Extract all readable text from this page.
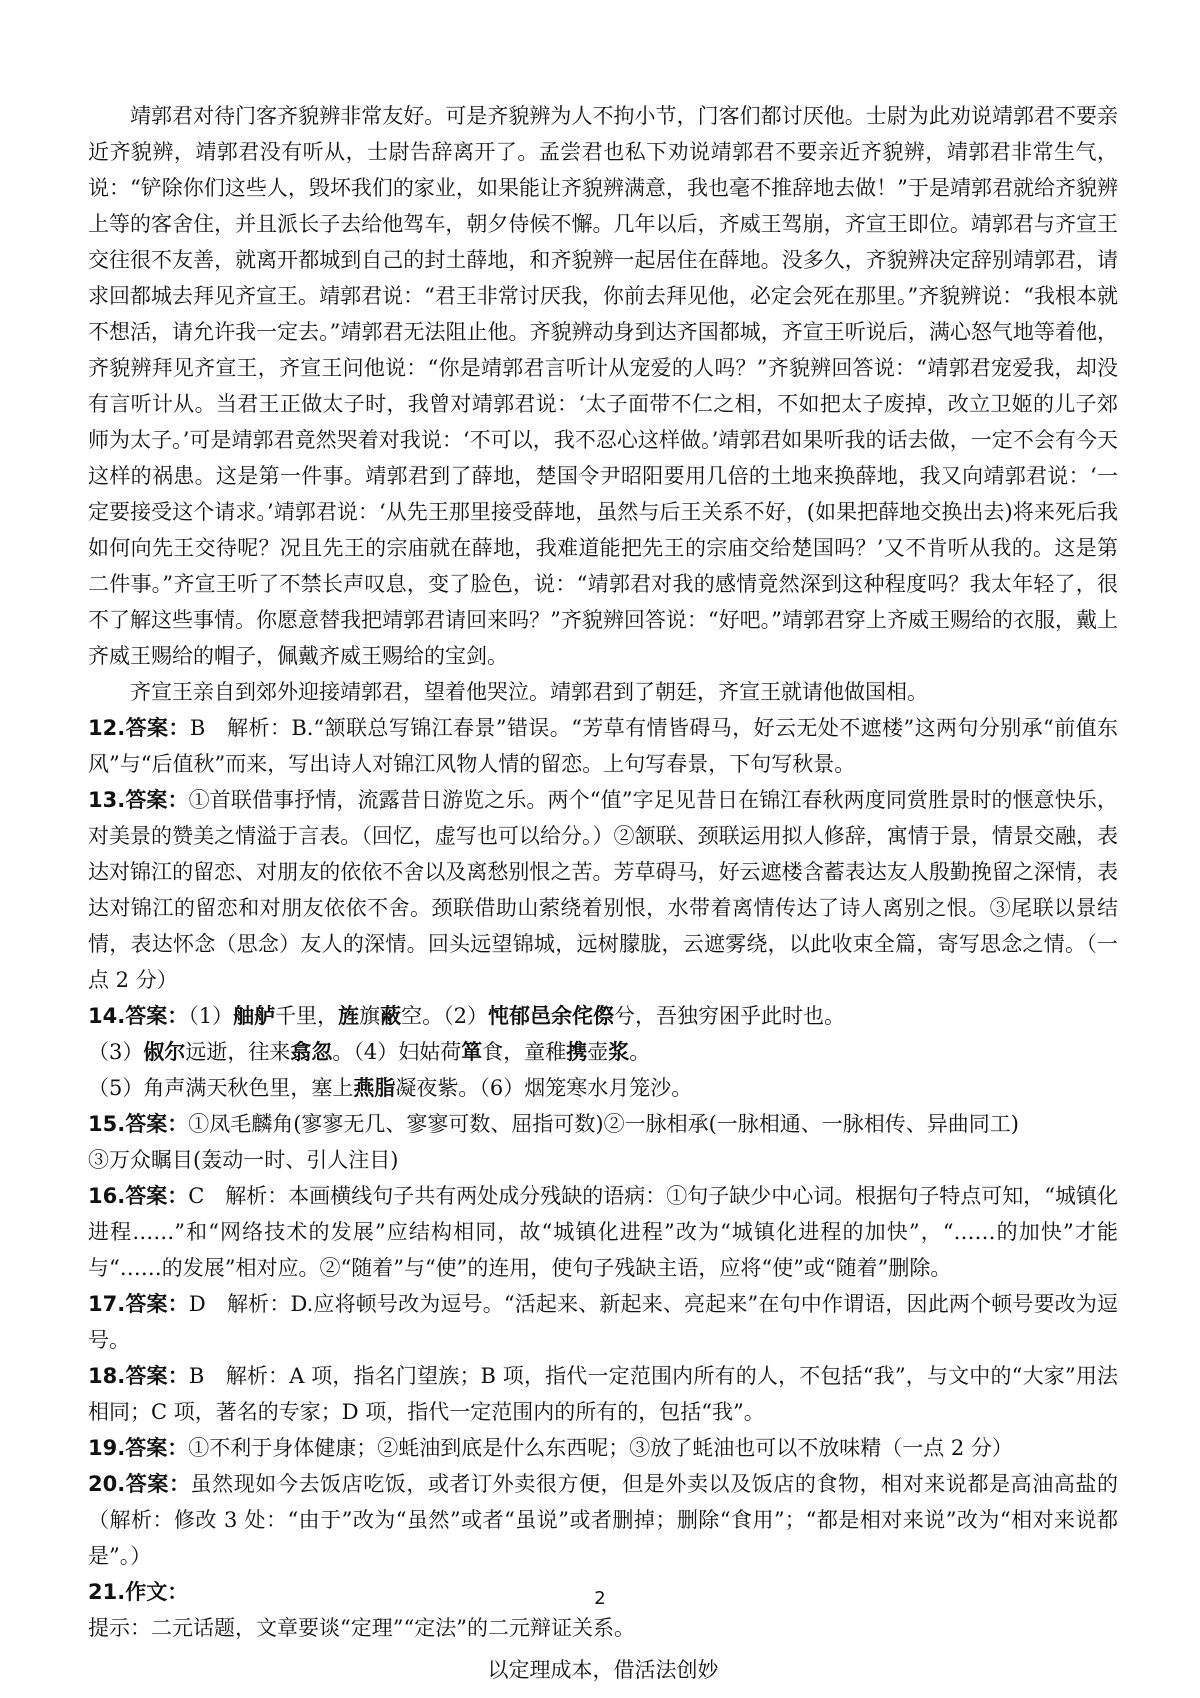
靖郭君对待门客齐貌辨非常友好。可是齐貌辨为人不拘小节，门客们都讨厌他。士尉为此劝说靖郭君不要亲近齐貌辨，靖郭君没有听从，士尉告辞离开了。孟尝君也私下劝说靖郭君不要亲近齐貌辨，靖郭君非常生气，说：“铲除你们这些人，毁坏我们的家业，如果能让齐貌辨满意，我也毫不推辞地去做！”于是靖郭君就给齐貌辨上等的客舍住，并且派长子去给他驾车，朝夕侍候不懈。几年以后，齐威王驾崩，齐宣王即位。靖郭君与齐宣王交往很不友善，就离开都城到自己的封土薛地，和齐貌辨一起居住在薛地。没多久，齐貌辨决定辞别靖郭君，请求回都城去拜见齐宣王。靖郭君说：“君王非常讨厌我，你前去拜见他，必定会死在那里。”齐貌辨说：“我根本就不想活，请允许我一定去。”靖郭君无法阻止他。齐貌辨动身到达齐国都城，齐宣王听说后，满心怒气地等着他，齐貌辨拜见齐宣王，齐宣王问他说：“你是靖郭君言听计从宠爱的人吗？”齐貌辨回答说：“靖郭君宠爱我，却没有言听计从。当君王正做太子时，我曾对靖郭君说：‘太子面带不仁之相，不如把太子废掉，改立卫姬的儿子郊师为太子。’可是靖郭君竟然哭着对我说：‘不可以，我不忍心这样做。’靖郭君如果听我的话去做，一定不会有今天这样的祸患。这是第一件事。靖郭君到了薛地，楚国令尹昭阳要用几倍的土地来换薛地，我又向靖郭君说：‘一定要接受这个请求。’靖郭君说：‘从先王那里接受薛地，虽然与后王关系不好，(如果把薛地交换出去)将来死后我如何向先王交待呢？况且先王的宗庙就在薛地，我难道能把先王的宗庙交给楚国吗？’又不肯听从我的。这是第二件事。”齐宣王听了不禁长声叹息，变了脸色，说：“靖郭君对我的感情竟然深到这种程度吗？我太年轻了，很不了解这些事情。你愿意替我把靖郭君请回来吗？”齐貌辨回答说：“好吧。”靖郭君穿上齐威王赐给的衣服，戴上齐威王赐给的帽子，佩戴齐威王赐给的宝剑。

齐宣王亲自到郊外迎接靖郭君，望着他哭泣。靖郭君到了朝廷，齐宣王就请他做国相。

12.答案：B　解析：B.“颔联总写锦江春景”错误。“芳草有情皆碍马，好云无处不遮楼”这两句分别承“前值东风”与“后值秋”而来，写出诗人对锦江风物人情的留恋。上句写春景，下句写秋景。

13.答案：①首联借事抒情，流露昔日游览之乐。两个“值”字足见昔日在锦江春秋两度同赏胜景时的惬意快乐，对美景的赞美之情溢于言表。（回忆，虚写也可以给分。）②颔联、颈联运用拟人修辞，寓情于景，情景交融，表达对锦江的留恋、对朋友的依依不舍以及离愁别恨之苦。芳草碍马，好云遮楼含蓄表达友人殷勤挽留之深情，表达对锦江的留恋和对朋友依依不舍。颈联借助山萦绕着别恨，水带着离情传达了诗人离别之恨。③尾联以景结情，表达怀念（思念）友人的深情。回头远望锦城，远树朦胧，云遮雾绕，以此收束全篇，寄写思念之情。（一点 2 分）

14.答案：（1）舳舻千里，旌旗蔽空。（2）忳郁邑余侘傺兮，吾独穷困乎此时也。

（3）俶尔远逝，往来翕忽。（4）妇姑荷箪食，童稚携壶浆。

（5）角声满天秋色里，塞上燕脂凝夜紫。（6）烟笼寒水月笼沙。

15.答案：①凤毛麟角(寥寥无几、寥寥可数、屈指可数)②一脉相承(一脉相通、一脉相传、异曲同工)

③万众瞩目(轰动一时、引人注目)

16.答案：C　解析：本画横线句子共有两处成分残缺的语病：①句子缺少中心词。根据句子特点可知，“城镇化进程……”和“网络技术的发展”应结构相同，故“城镇化进程”改为“城镇化进程的加快”，“……的加快”才能与“……的发展”相对应。②“随着”与“使”的连用，使句子残缺主语，应将“使”或“随着”删除。

17.答案：D　解析：D.应将顿号改为逗号。“活起来、新起来、亮起来”在句中作谓语，因此两个顿号要改为逗号。

18.答案：B　解析：A 项，指名门望族；B 项，指代一定范围内所有的人，不包括“我”，与文中的“大家”用法相同；C 项，著名的专家；D 项，指代一定范围内的所有的，包括“我”。

19.答案：①不利于身体健康；②蚝油到底是什么东西呢；③放了蚝油也可以不放味精（一点 2 分）

20.答案：虽然现如今去饭店吃饭，或者订外卖很方便，但是外卖以及饭店的食物，相对来说都是高油高盐的（解析：修改 3 处：“由于”改为“虽然”或者“虽说”或者删掉；删除“食用”；“都是相对来说”改为“相对来说都是”。）

21.作文：

提示：二元话题，文章要谈“定理”“定法”的二元辩证关系。

以定理成本，借活法创妙

2
